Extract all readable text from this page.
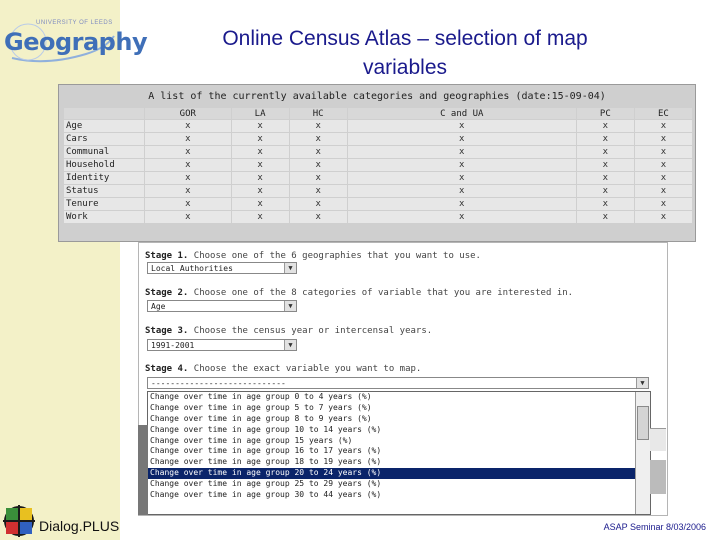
UNIVERSITY OF LEEDS
Geography	Online Census Atlas – selection of map
variables
A list of the currently available categories and geographies (date:15-09-04)
	GOR	LA	HC	C and UA	PC	EC
Age	x	x	x	x	x	x
Cars	x	x	x	x	x	x
Communal	x	x	x	x	x	x
Household	x	x	x	x	x	x
Identity	x	x	x	x	x	x
Status	x	x	x	x	x	x
Tenure	x	x	x	x	x	x
Work	x	x	x	x	x	x
Stage 1. Choose one of the 6 geographies that you want to use.
Local Authorities	▼
Stage 2. Choose one of the 8 categories of variable that you are interested in.
Age	▼
Stage 3. Choose the census year or intercensal years.
1991-2001	▼
Stage 4. Choose the exact variable you want to map.
----------------------------	▼
Change over time in age group 0 to 4 years (%)
Change over time in age group 5 to 7 years (%)
Change over time in age group 8 to 9 years (%)
Change over time in age group 10 to 14 years (%)
Change over time in age group 15 years (%)
Change over time in age group 16 to 17 years (%)
Change over time in age group 18 to 19 years (%)
Change over time in age group 20 to 24 years (%)
Change over time in age group 25 to 29 years (%)
Change over time in age group 30 to 44 years (%)
Dialog.PLUS	ASAP Seminar 8/03/2006
